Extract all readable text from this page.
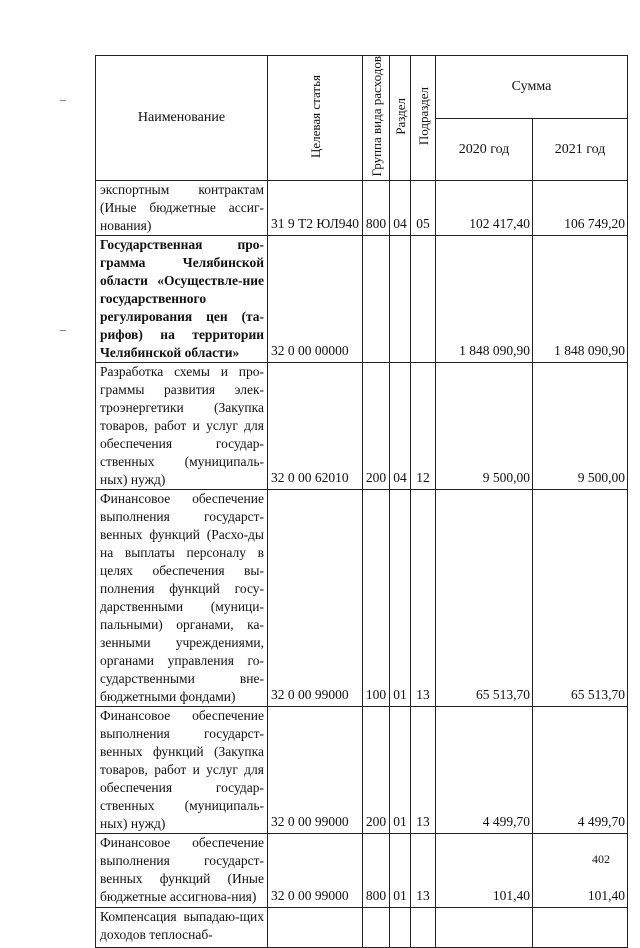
Наименование	Целевая статья	Группа вида расходов	Раздел	Подраздел	Сумма	
					2020 год	2021 год
экспортным контрактам (Иные бюджетные ассиг-нования)	31 9 Т2 ЮЛ940	800	04	05	102 417,40	106 749,20
Государственная про-грамма Челябинской области «Осуществле-ние государственного регулирования цен (та-рифов) на территории Челябинской области»	32 0 00 00000				1 848 090,90	1 848 090,90
Разработка схемы и про-граммы развития элек-троэнергетики (Закупка товаров, работ и услуг для обеспечения государ-ственных (муниципаль-ных) нужд)	32 0 00 62010	200	04	12	9 500,00	9 500,00
Финансовое обеспечение выполнения государст-венных функций (Расхо-ды на выплаты персоналу в целях обеспечения вы-полнения функций госу-дарственными (муници-пальными) органами, ка-зенными учреждениями, органами управления го-сударственными вне-бюджетными фондами)	32 0 00 99000	100	01	13	65 513,70	65 513,70
Финансовое обеспечение выполнения государст-венных функций (Закупка товаров, работ и услуг для обеспечения государ-ственных (муниципаль-ных) нужд)	32 0 00 99000	200	01	13	4 499,70	4 499,70
Финансовое обеспечение выполнения государст-венных функций (Иные бюджетные ассигнова-ния)	32 0 00 99000	800	01	13	101,40	101,40
Компенсация выпадаю-щих доходов теплоснаб-						
402
